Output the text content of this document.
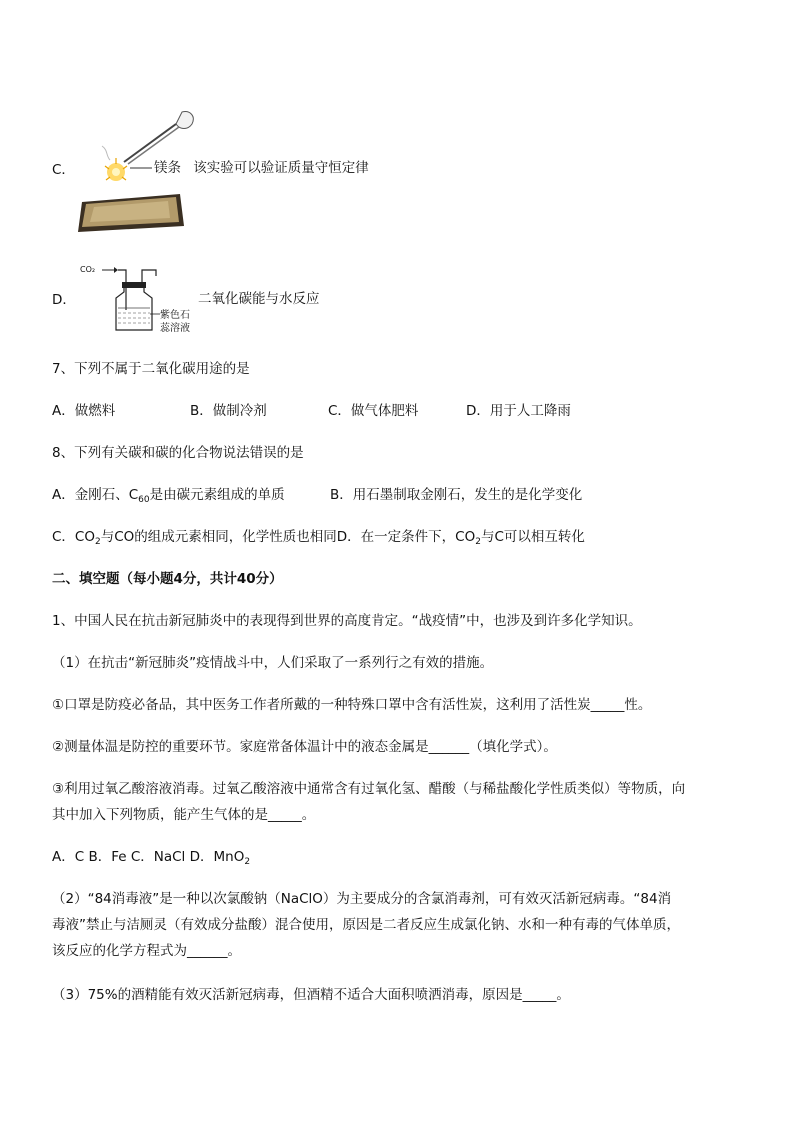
C．	镁条 该实验可以验证质量守恒定律
D．
CO₂
紫色石
蕊溶液
二氧化碳能与水反应
7、下列不属于二氧化碳用途的是
A．做燃料	B．做制冷剂	C．做气体肥料	D．用于人工降雨
8、下列有关碳和碳的化合物说法错误的是
A．金刚石、$C_{60}$是由碳元素组成的单质	B．用石墨制取金刚石，发生的是化学变化
C．$CO_2$与CO的组成元素相同，化学性质也相同D．在一定条件下，$CO_2$与C可以相互转化
二、填空题（每小题4分，共计40分）
1、中国人民在抗击新冠肺炎中的表现得到世界的高度肯定。“战疫情”中，也涉及到许多化学知识。
（1）在抗击“新冠肺炎”疫情战斗中，人们采取了一系列行之有效的措施。
①口罩是防疫必备品，其中医务工作者所戴的一种特殊口罩中含有活性炭，这利用了活性炭_____性。
②测量体温是防控的重要环节。家庭常备体温计中的液态金属是______（填化学式）。
③利用过氧乙酸溶液消毒。过氧乙酸溶液中通常含有过氧化氢、醋酸（与稀盐酸化学性质类似）等物质，向
其中加入下列物质，能产生气体的是_____。
A．C B．Fe C．NaCl D．MnO$_2$
（2）“84消毒液”是一种以次氯酸钠（NaClO）为主要成分的含氯消毒剂，可有效灭活新冠病毒。“84消
毒液”禁止与洁厕灵（有效成分盐酸）混合使用，原因是二者反应生成氯化钠、水和一种有毒的气体单质，
该反应的化学方程式为______。
（3）75%的酒精能有效灭活新冠病毒，但酒精不适合大面积喷洒消毒，原因是_____。
